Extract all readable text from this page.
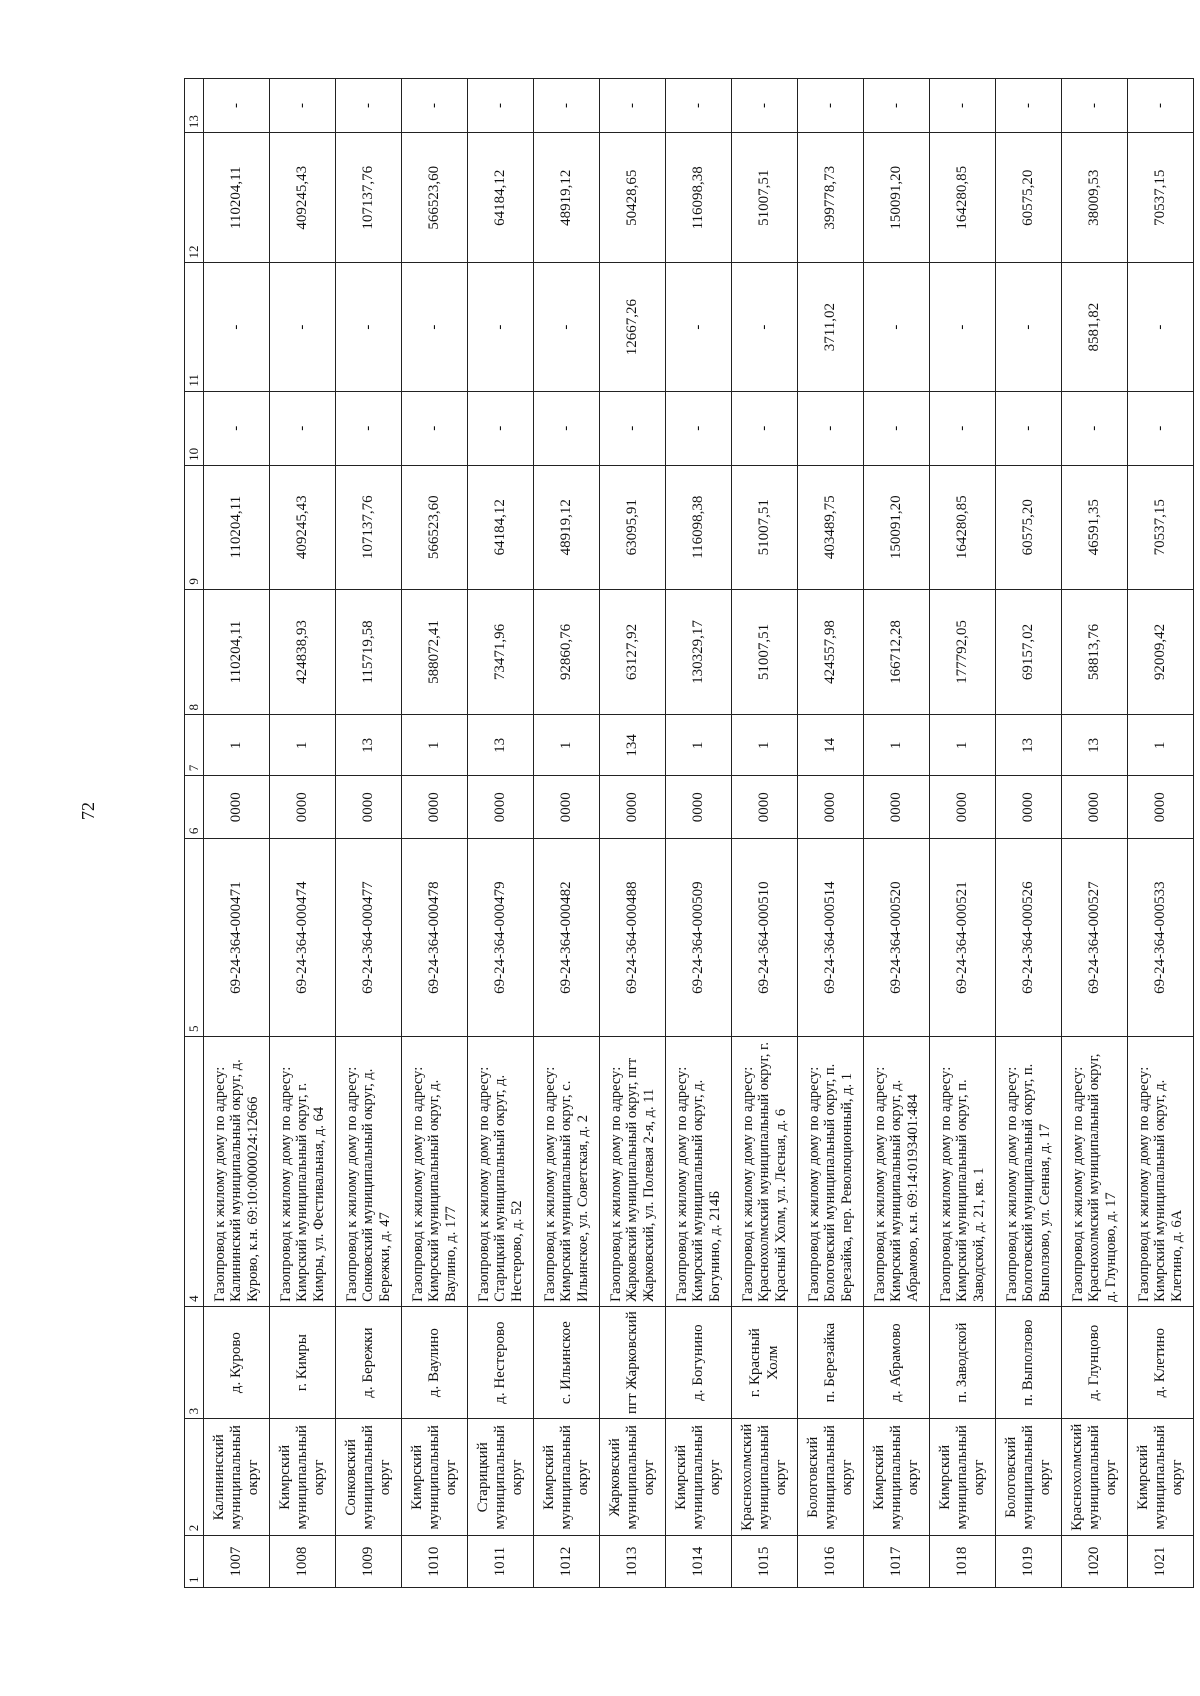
72
1	2	3	4	5	6	7	8	9	10	11	12	13
1007	Калининский муниципальный округ	д. Курово	Газопровод к жилому дому по адресу: Калининский муниципальный округ, д. Курово, к.н. 69:10:0000024:12666	69-24-364-000471	0000	1	110204,11	110204,11	-	-	110204,11	-
1008	Кимрский муниципальный округ	г. Кимры	Газопровод к жилому дому по адресу: Кимрский муниципальный округ, г. Кимры, ул. Фестивальная, д. 64	69-24-364-000474	0000	1	424838,93	409245,43	-	-	409245,43	-
1009	Сонковский муниципальный округ	д. Бережки	Газопровод к жилому дому по адресу: Сонковский муниципальный округ, д. Бережки, д. 47	69-24-364-000477	0000	13	115719,58	107137,76	-	-	107137,76	-
1010	Кимрский муниципальный округ	д. Ваулино	Газопровод к жилому дому по адресу: Кимрский муниципальный округ, д. Ваулино, д. 177	69-24-364-000478	0000	1	588072,41	566523,60	-	-	566523,60	-
1011	Старицкий муниципальный округ	д. Нестерово	Газопровод к жилому дому по адресу: Старицкий муниципальный округ, д. Нестерово, д. 52	69-24-364-000479	0000	13	73471,96	64184,12	-	-	64184,12	-
1012	Кимрский муниципальный округ	с. Ильинское	Газопровод к жилому дому по адресу: Кимрский муниципальный округ, с. Ильинское, ул. Советская, д. 2	69-24-364-000482	0000	1	92860,76	48919,12	-	-	48919,12	-
1013	Жарковский муниципальный округ	пгт Жарковский	Газопровод к жилому дому по адресу: Жарковский муниципальный округ, пгт Жарковский, ул. Полевая 2-я, д. 11	69-24-364-000488	0000	134	63127,92	63095,91	-	12667,26	50428,65	-
1014	Кимрский муниципальный округ	д. Богунино	Газопровод к жилому дому по адресу: Кимрский муниципальный округ, д. Богунино, д. 214Б	69-24-364-000509	0000	1	130329,17	116098,38	-	-	116098,38	-
1015	Краснохолмский муниципальный округ	г. Красный Холм	Газопровод к жилому дому по адресу: Краснохолмский муниципальный округ, г. Красный Холм, ул. Лесная, д. 6	69-24-364-000510	0000	1	51007,51	51007,51	-	-	51007,51	-
1016	Бологовский муниципальный округ	п. Березайка	Газопровод к жилому дому по адресу: Бологовский муниципальный округ, п. Березайка, пер. Революционный, д. 1	69-24-364-000514	0000	14	424557,98	403489,75	-	3711,02	399778,73	-
1017	Кимрский муниципальный округ	д. Абрамово	Газопровод к жилому дому по адресу: Кимрский муниципальный округ, д. Абрамово, к.н. 69:14:0193401:484	69-24-364-000520	0000	1	166712,28	150091,20	-	-	150091,20	-
1018	Кимрский муниципальный округ	п. Заводской	Газопровод к жилому дому по адресу: Кимрский муниципальный округ, п. Заводской, д. 21, кв. 1	69-24-364-000521	0000	1	177792,05	164280,85	-	-	164280,85	-
1019	Бологовский муниципальный округ	п. Выползово	Газопровод к жилому дому по адресу: Бологовский муниципальный округ, п. Выползово, ул. Сенная, д. 17	69-24-364-000526	0000	13	69157,02	60575,20	-	-	60575,20	-
1020	Краснохолмский муниципальный округ	д. Глунцово	Газопровод к жилому дому по адресу: Краснохолмский муниципальный округ, д. Глунцово, д. 17	69-24-364-000527	0000	13	58813,76	46591,35	-	8581,82	38009,53	-
1021	Кимрский муниципальный округ	д. Клетино	Газопровод к жилому дому по адресу: Кимрский муниципальный округ, д. Клетино, д. 6А	69-24-364-000533	0000	1	92009,42	70537,15	-	-	70537,15	-
